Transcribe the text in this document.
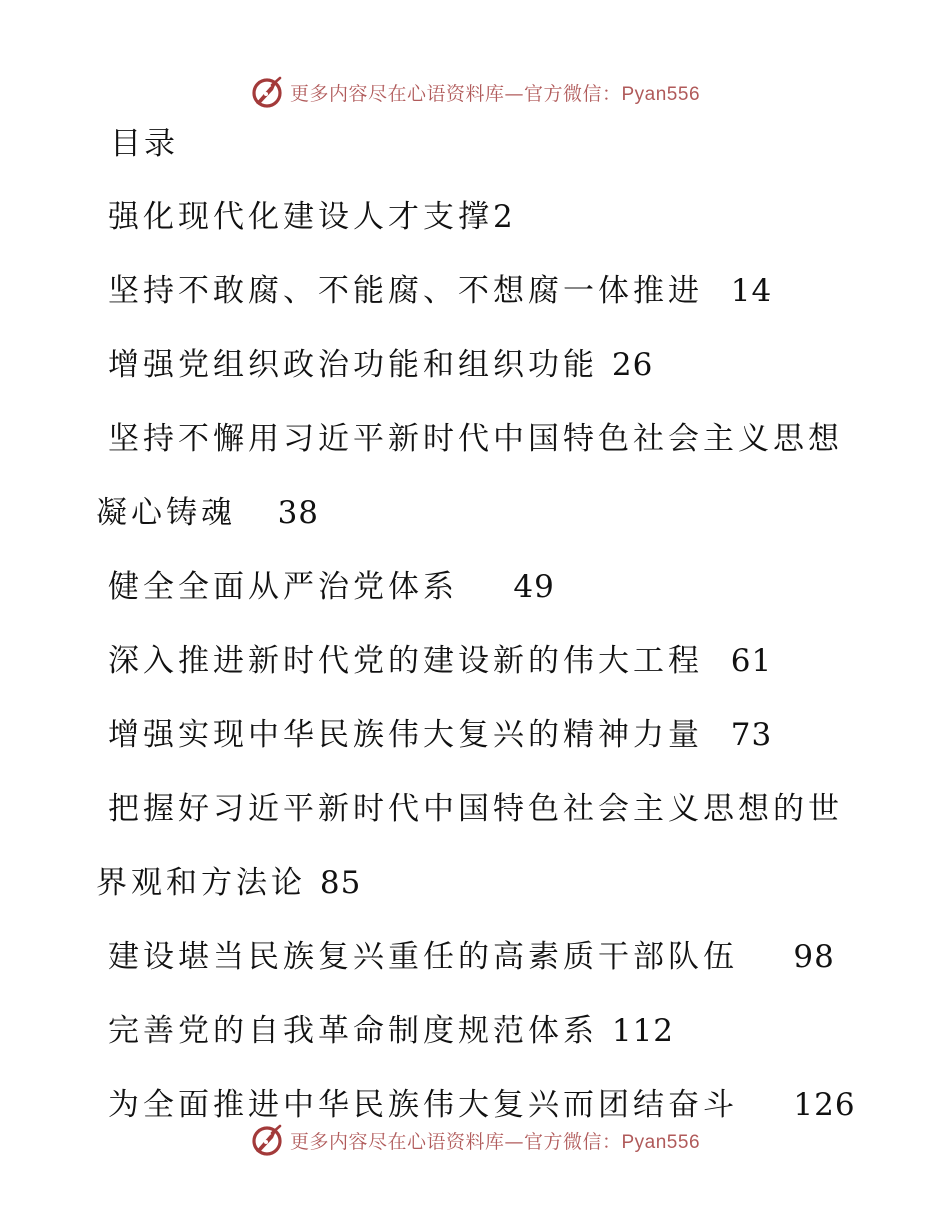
更多内容尽在心语资料库—官方微信：Pyan556
目录
强化现代化建设人才支撑2
坚持不敢腐、不能腐、不想腐一体推进 14
增强党组织政治功能和组织功能 26
坚持不懈用习近平新时代中国特色社会主义思想
凝心铸魂 38
健全全面从严治党体系 49
深入推进新时代党的建设新的伟大工程 61
增强实现中华民族伟大复兴的精神力量 73
把握好习近平新时代中国特色社会主义思想的世
界观和方法论 85
建设堪当民族复兴重任的高素质干部队伍 98
完善党的自我革命制度规范体系 112
为全面推进中华民族伟大复兴而团结奋斗 126
更多内容尽在心语资料库—官方微信：Pyan556
